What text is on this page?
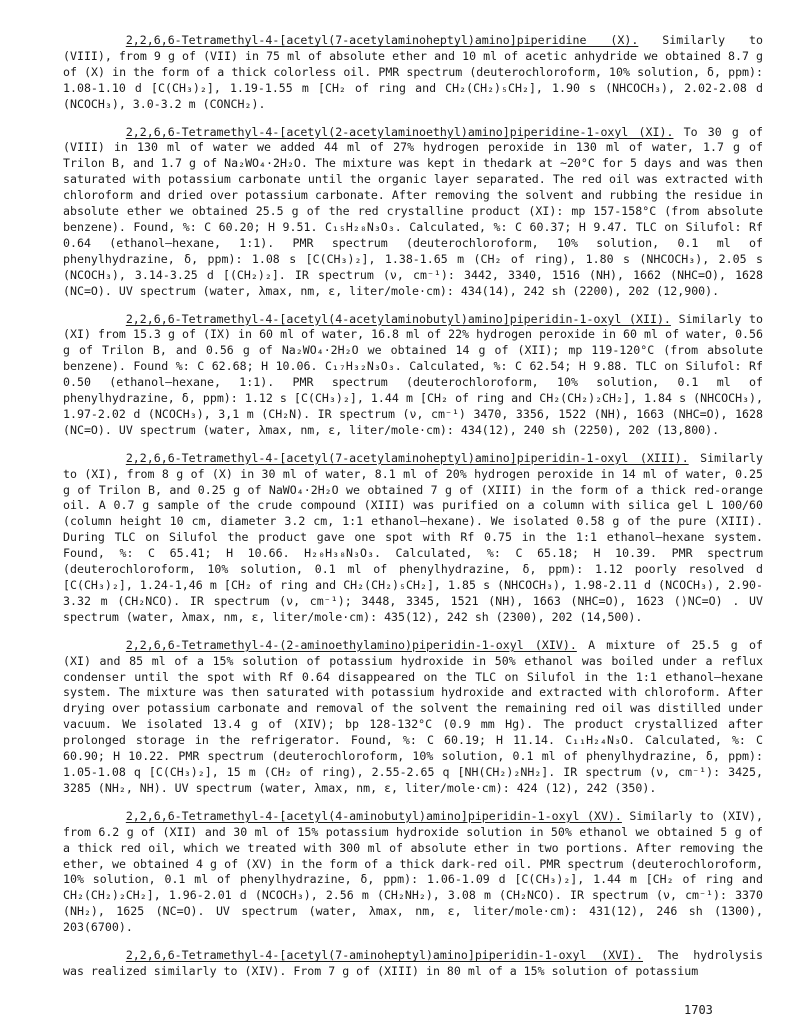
2,2,6,6-Tetramethyl-4-[acetyl(7-acetylaminoheptyl)amino]piperidine (X). Similarly to (VIII), from 9 g of (VII) in 75 ml of absolute ether and 10 ml of acetic anhydride we obtained 8.7 g of (X) in the form of a thick colorless oil. PMR spectrum (deuterochloroform, 10% solution, δ, ppm): 1.08-1.10 d [C(CH₃)₂], 1.19-1.55 m [CH₂ of ring and CH₂(CH₂)₅CH₂], 1.90 s (NHCOCH₃), 2.02-2.08 d (NCOCH₃), 3.0-3.2 m (CONCH₂).

2,2,6,6-Tetramethyl-4-[acetyl(2-acetylaminoethyl)amino]piperidine-1-oxyl (XI). To 30 g of (VIII) in 130 ml of water we added 44 ml of 27% hydrogen peroxide in 130 ml of water, 1.7 g of Trilon B, and 1.7 g of Na₂WO₄·2H₂O. The mixture was kept in thedark at ~20°C for 5 days and was then saturated with potassium carbonate until the organic layer separated. The red oil was extracted with chloroform and dried over potassium carbonate. After removing the solvent and rubbing the residue in absolute ether we obtained 25.5 g of the red crystalline product (XI): mp 157-158°C (from absolute benzene). Found, %: C 60.20; H 9.51. C₁₅H₂₈N₃O₃. Calculated, %: C 60.37; H 9.47. TLC on Silufol: Rf 0.64 (ethanol—hexane, 1:1). PMR spectrum (deuterochloroform, 10% solution, 0.1 ml of phenylhydrazine, δ, ppm): 1.08 s [C(CH₃)₂], 1.38-1.65 m (CH₂ of ring), 1.80 s (NHCOCH₃), 2.05 s (NCOCH₃), 3.14-3.25 d [(CH₂)₂]. IR spectrum (ν, cm⁻¹): 3442, 3340, 1516 (NH), 1662 (NHC=O), 1628 (NC=O). UV spectrum (water, λmax, nm, ε, liter/mole·cm): 434(14), 242 sh (2200), 202 (12,900).

2,2,6,6-Tetramethyl-4-[acetyl(4-acetylaminobutyl)amino]piperidin-1-oxyl (XII). Similarly to (XI) from 15.3 g of (IX) in 60 ml of water, 16.8 ml of 22% hydrogen peroxide in 60 ml of water, 0.56 g of Trilon B, and 0.56 g of Na₂WO₄·2H₂O we obtained 14 g of (XII); mp 119-120°C (from absolute benzene). Found %: C 62.68; H 10.06. C₁₇H₃₂N₃O₃. Calculated, %: C 62.54; H 9.88. TLC on Silufol: Rf 0.50 (ethanol—hexane, 1:1). PMR spectrum (deuterochloroform, 10% solution, 0.1 ml of phenylhydrazine, δ, ppm): 1.12 s [C(CH₃)₂], 1.44 m [CH₂ of ring and CH₂(CH₂)₂CH₂], 1.84 s (NHCOCH₃), 1.97-2.02 d (NCOCH₃), 3,1 m (CH₂N). IR spectrum (ν, cm⁻¹) 3470, 3356, 1522 (NH), 1663 (NHC=O), 1628 (NC=O). UV spectrum (water, λmax, nm, ε, liter/mole·cm): 434(12), 240 sh (2250), 202 (13,800).

2,2,6,6-Tetramethyl-4-[acetyl(7-acetylaminoheptyl)amino]piperidin-1-oxyl (XIII). Similarly to (XI), from 8 g of (X) in 30 ml of water, 8.1 ml of 20% hydrogen peroxide in 14 ml of water, 0.25 g of Trilon B, and 0.25 g of NaWO₄·2H₂O we obtained 7 g of (XIII) in the form of a thick red-orange oil. A 0.7 g sample of the crude compound (XIII) was purified on a column with silica gel L 100/60 (column height 10 cm, diameter 3.2 cm, 1:1 ethanol—hexane). We isolated 0.58 g of the pure (XIII). During TLC on Silufol the product gave one spot with Rf 0.75 in the 1:1 ethanol—hexane system. Found, %: C 65.41; H 10.66. H₂₀H₃₈N₃O₃. Calculated, %: C 65.18; H 10.39. PMR spectrum (deuterochloroform, 10% solution, 0.1 ml of phenylhydrazine, δ, ppm): 1.12 poorly resolved d [C(CH₃)₂], 1.24-1,46 m [CH₂ of ring and CH₂(CH₂)₅CH₂], 1.85 s (NHCOCH₃), 1.98-2.11 d (NCOCH₃), 2.90-3.32 m (CH₂NCO). IR spectrum (ν, cm⁻¹); 3448, 3345, 1521 (NH), 1663 (NHC=O), 1623 (⟩NC=O) . UV spectrum (water, λmax, nm, ε, liter/mole·cm): 435(12), 242 sh (2300), 202 (14,500).

2,2,6,6-Tetramethyl-4-(2-aminoethylamino)piperidin-1-oxyl (XIV). A mixture of 25.5 g of (XI) and 85 ml of a 15% solution of potassium hydroxide in 50% ethanol was boiled under a reflux condenser until the spot with Rf 0.64 disappeared on the TLC on Silufol in the 1:1 ethanol—hexane system. The mixture was then saturated with potassium hydroxide and extracted with chloroform. After drying over potassium carbonate and removal of the solvent the remaining red oil was distilled under vacuum. We isolated 13.4 g of (XIV); bp 128-132°C (0.9 mm Hg). The product crystallized after prolonged storage in the refrigerator. Found, %: C 60.19; H 11.14. C₁₁H₂₄N₃O. Calculated, %: C 60.90; H 10.22. PMR spectrum (deuterochloroform, 10% solution, 0.1 ml of phenylhydrazine, δ, ppm): 1.05-1.08 q [C(CH₃)₂], 15 m (CH₂ of ring), 2.55-2.65 q [NH(CH₂)₂NH₂]. IR spectrum (ν, cm⁻¹): 3425, 3285 (NH₂, NH). UV spectrum (water, λmax, nm, ε, liter/mole·cm): 424 (12), 242 (350).

2,2,6,6-Tetramethyl-4-[acetyl(4-aminobutyl)amino]piperidin-1-oxyl (XV). Similarly to (XIV), from 6.2 g of (XII) and 30 ml of 15% potassium hydroxide solution in 50% ethanol we obtained 5 g of a thick red oil, which we treated with 300 ml of absolute ether in two portions. After removing the ether, we obtained 4 g of (XV) in the form of a thick dark-red oil. PMR spectrum (deuterochloroform, 10% solution, 0.1 ml of phenylhydrazine, δ, ppm): 1.06-1.09 d [C(CH₃)₂], 1.44 m [CH₂ of ring and CH₂(CH₂)₂CH₂], 1.96-2.01 d (NCOCH₃), 2.56 m (CH₂NH₂), 3.08 m (CH₂NCO). IR spectrum (ν, cm⁻¹): 3370 (NH₂), 1625 (NC=O). UV spectrum (water, λmax, nm, ε, liter/mole·cm): 431(12), 246 sh (1300), 203(6700).

2,2,6,6-Tetramethyl-4-[acetyl(7-aminoheptyl)amino]piperidin-1-oxyl (XVI). The hydrolysis was realized similarly to (XIV). From 7 g of (XIII) in 80 ml of a 15% solution of potassium

1703
